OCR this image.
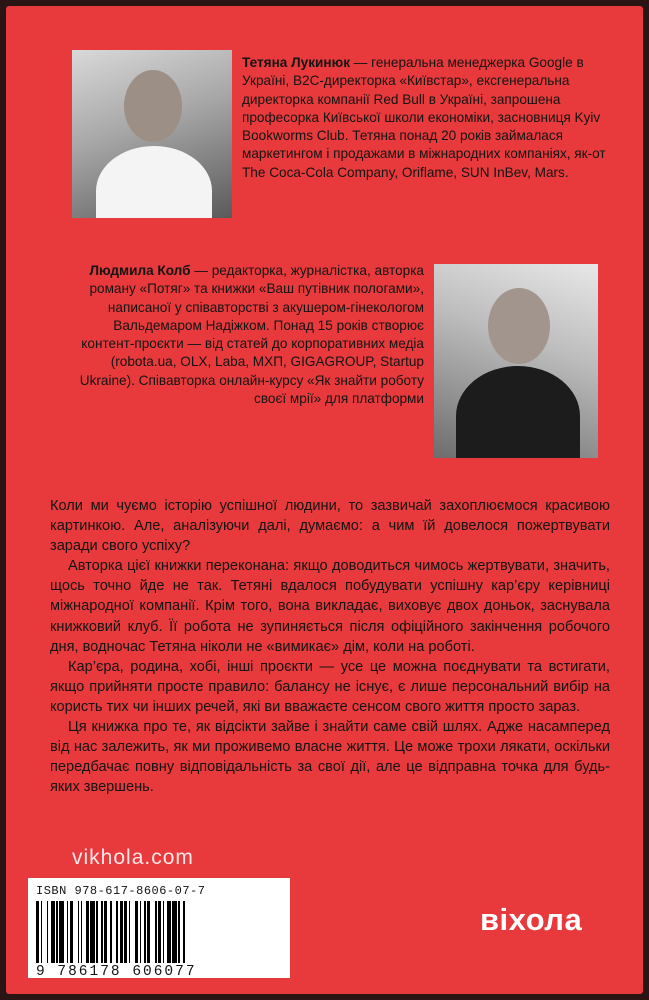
Тетяна Лукинюк — генеральна менеджерка Google в Україні, B2C-директорка «Київстар», ексгенеральна директорка компанії Red Bull в Україні, запрошена професорка Київської школи економіки, засновниця Kyiv Bookworms Club. Тетяна понад 20 років займалася маркетингом і продажами в міжнародних компаніях, як-от The Coca-Cola Company, Oriflame, SUN InBev, Mars.
Людмила Колб — редакторка, журналістка, авторка роману «Потяг» та книжки «Ваш путівник пологами», написаної у співавторстві з акушером-гінекологом Вальдемаром Надіжком. Понад 15 років створює контент-проєкти — від статей до корпоративних медіа (robota.ua, OLX, Laba, МХП, GIGAGROUP, Startup Ukraine). Співавторка онлайн-курсу «Як знайти роботу своєї мрії» для платформи

Коли ми чуємо історію успішної людини, то зазвичай захоплюємося красивою картинкою. Але, аналізуючи далі, думаємо: а чим їй довелося пожертвувати заради свого успіху?

Авторка цієї книжки переконана: якщо доводиться чимось жертвувати, значить, щось точно йде не так. Тетяні вдалося побудувати успішну кар’єру керівниці міжнародної компанії. Крім того, вона викладає, виховує двох доньок, заснувала книжковий клуб. Її робота не зупиняється після офіційного закінчення робочого дня, водночас Тетяна ніколи не «вимикає» дім, коли на роботі.

Кар’єра, родина, хобі, інші проєкти — усе це можна поєднувати та встигати, якщо прийняти просте правило: балансу не існує, є лише персональний вибір на користь тих чи інших речей, які ви вважаєте сенсом свого життя просто зараз.

Ця книжка про те, як відсікти зайве і знайти саме свій шлях. Адже насамперед від нас залежить, як ми проживемо власне життя. Це може трохи лякати, оскільки передбачає повну відповідальність за свої дії, але це відправна точка для будь-яких звершень.

vikhola.com
ISBN 978-617-8606-07-7
9 786178 606077
віхола
